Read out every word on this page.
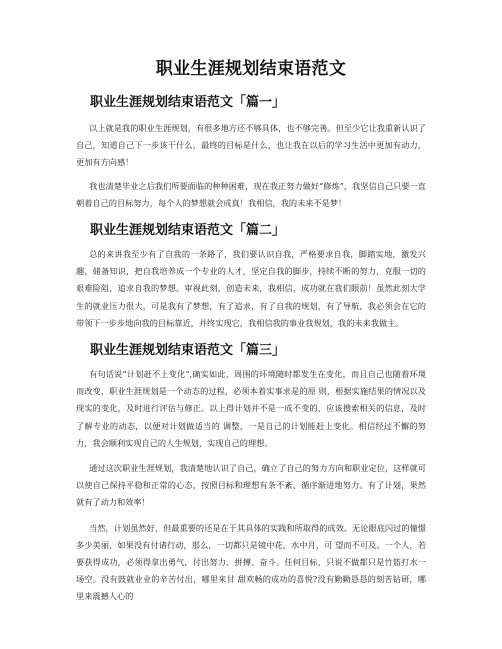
职业生涯规划结束语范文
职业生涯规划结束语范文「篇一」

以上就是我的职业生涯规划，有很多地方还不够具体，也不够完善。但至少它让我重新认识了自己，知道自己下一步该干什么，最终的目标是什么，也让我在以后的学习生活中更加有动力，更加有方向感！

我也清楚毕业之后我们所要面临的种种困难，现在我正努力做好“修炼”，我坚信自己只要一直朝着自己的目标努力，每个人的梦想就会成真！我相信，我的未来不是梦！

职业生涯规划结束语范文「篇二」

总的来讲我至少有了自我的一条路了，我们要认识自我，严格要求自我，脚踏实地，激发兴趣，储备知识，把自我培养成一个专业的人才，坚定自我的脚步，持续不断的努力，克服一切的艰难险阻，追求自我的梦想。审视此刻，创造未来，我相信，成功就在我们眼前！虽然此刻大学生的就业压力很大，可是我有了梦想，有了追求，有了自我的规划，有了导航，我必须会在它的带领下一步步地向我的目标靠近，并终实现它，我相信我的事业我规划，我的未来我做主。

职业生涯规划结束语范文「篇三」

有句话说“计划赶不上变化”,确实如此，周围的环境随时都发生在变化，而且自己也随着环境而改变，职业生涯规划是一个动态的过程，必须本着实事求是的原 则，根据实施结果的情况以及现实的变化，及时进行评估与修正。以上得计划并不是一成不变的，应该搜索相关的信息，及时了解专业的动态，以便对计划做适当的 调整，一是自己的计划能赶上变化。相信经过不懈的努力，我会顺利实现自己的人生规划，实现自己的理想。

通过这次职业生涯规划，我清楚地认识了自己，确立了自己的努力方向和职业定位，这样就可以使自己保持平稳和正常的心态，按照目标和理想有条不紊、循序渐进地努力。有了计划，果然就有了动力和效率！

当然，计划虽然好，但最重要的还是在于其具体的实践和所取得的成效。无论眼底闪过的憧憬多少美丽，如果没有付诸行动，那么，一切都只是镜中花，水中月，可 望而不可及。一个人，若要获得成功，必须得拿出勇气，付出努力、拼搏、奋斗。任何目标，只说不做都只是竹篮打水一场空。没有鼓就业业的辛苦付出，哪里来甘 甜欢畅的成功的喜悦?没有勤勤恳恳的刻苦钻研，哪里来震撼人心的
